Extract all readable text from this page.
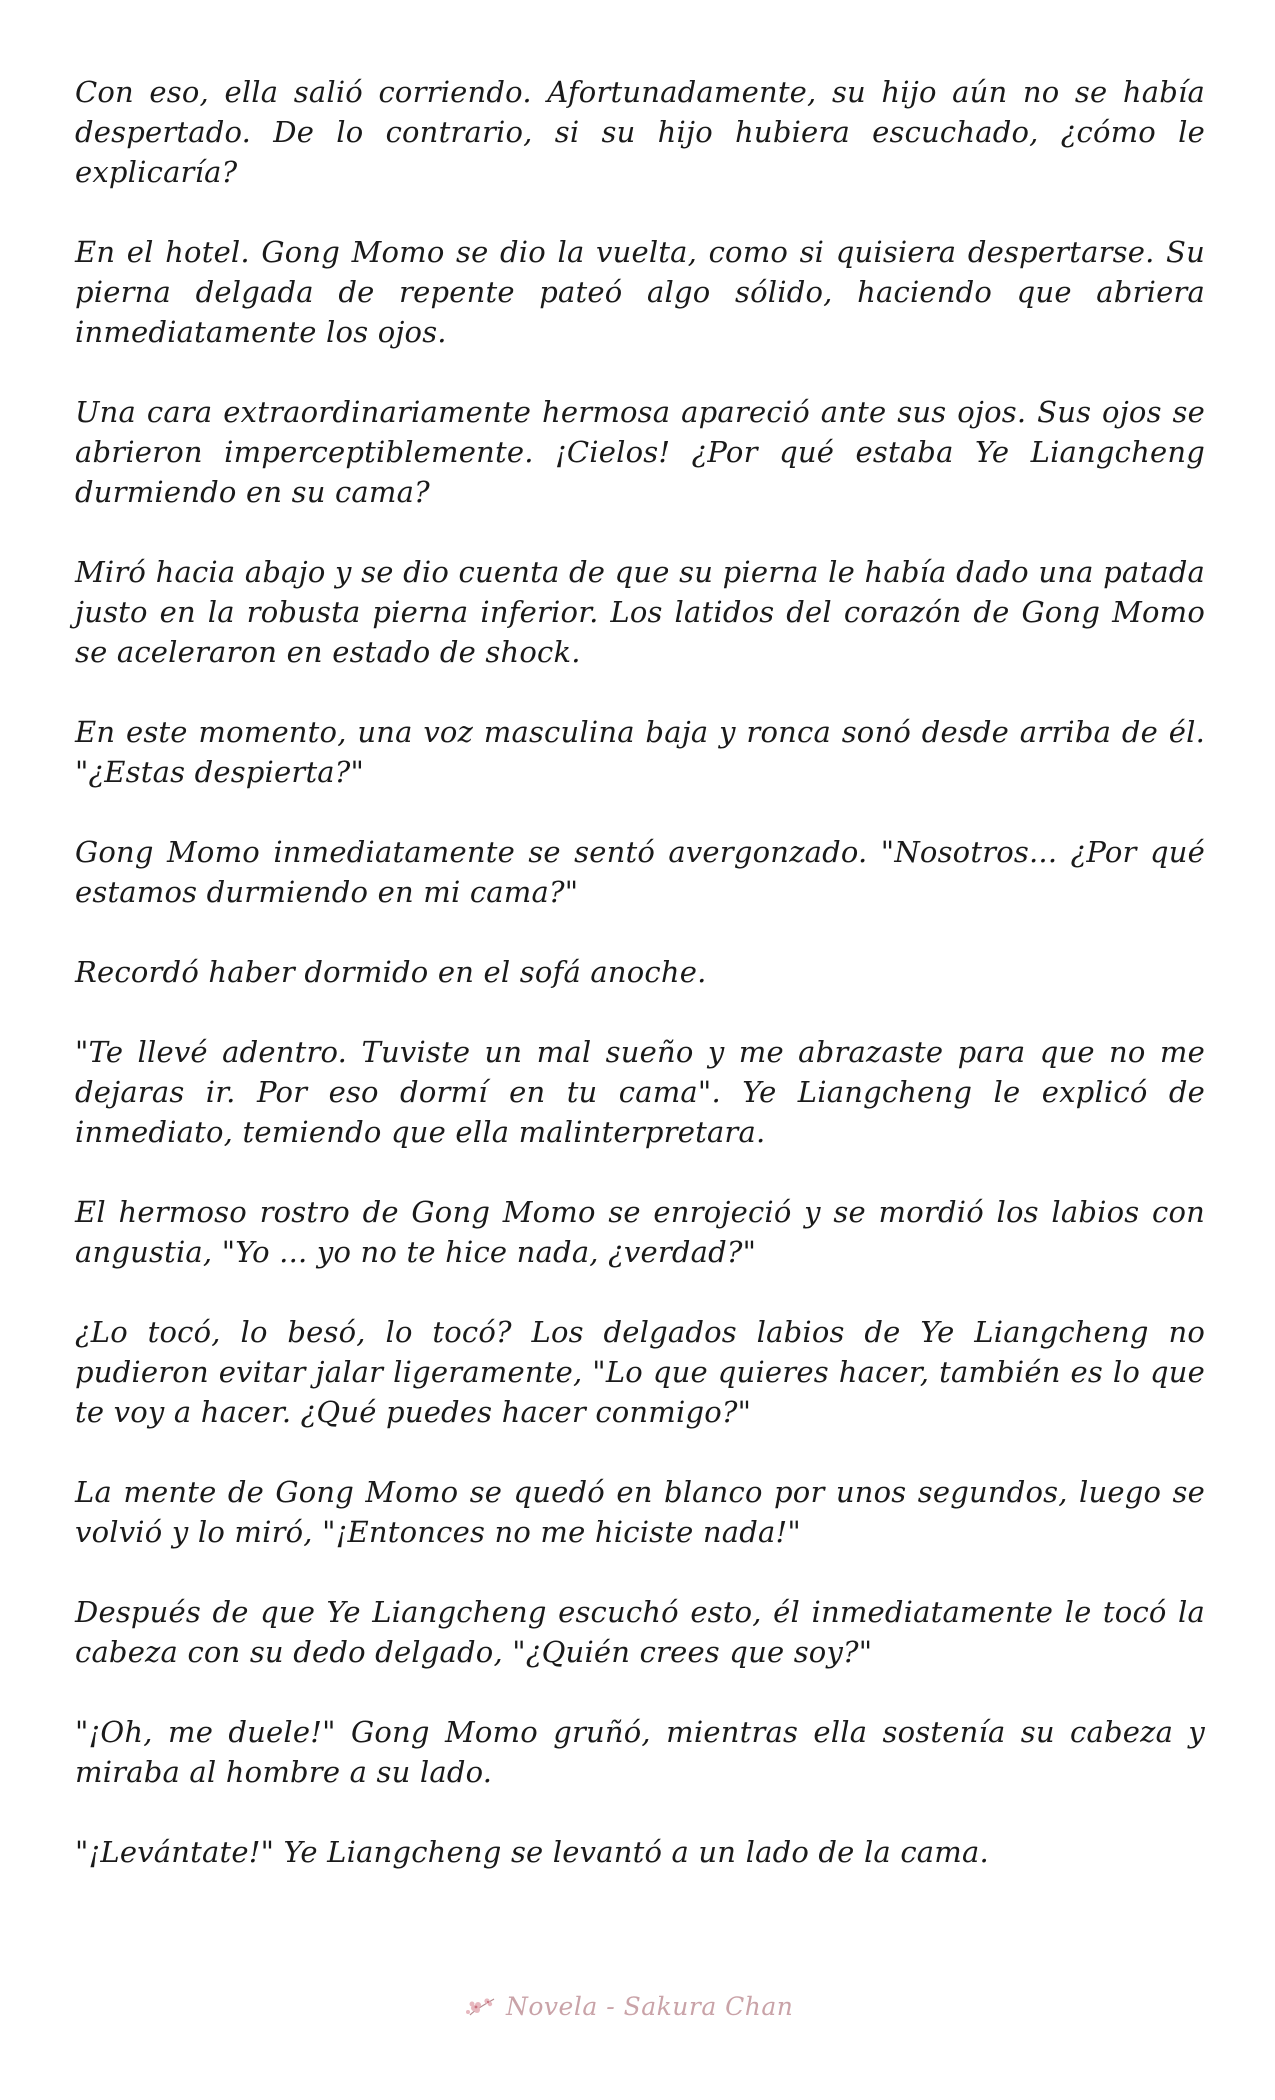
Con eso, ella salió corriendo. Afortunadamente, su hijo aún no se había despertado. De lo contrario, si su hijo hubiera escuchado, ¿cómo le explicaría?

En el hotel. Gong Momo se dio la vuelta, como si quisiera despertarse. Su pierna delgada de repente pateó algo sólido, haciendo que abriera inmediatamente los ojos.

Una cara extraordinariamente hermosa apareció ante sus ojos. Sus ojos se abrieron imperceptiblemente. ¡Cielos! ¿Por qué estaba Ye Liangcheng durmiendo en su cama?

Miró hacia abajo y se dio cuenta de que su pierna le había dado una patada justo en la robusta pierna inferior. Los latidos del corazón de Gong Momo se aceleraron en estado de shock.

En este momento, una voz masculina baja y ronca sonó desde arriba de él. "¿Estas despierta?"

Gong Momo inmediatamente se sentó avergonzado. "Nosotros... ¿Por qué estamos durmiendo en mi cama?"

Recordó haber dormido en el sofá anoche.

"Te llevé adentro. Tuviste un mal sueño y me abrazaste para que no me dejaras ir. Por eso dormí en tu cama". Ye Liangcheng le explicó de inmediato, temiendo que ella malinterpretara.

El hermoso rostro de Gong Momo se enrojeció y se mordió los labios con angustia, "Yo ... yo no te hice nada, ¿verdad?"

¿Lo tocó, lo besó, lo tocó? Los delgados labios de Ye Liangcheng no pudieron evitar jalar ligeramente, "Lo que quieres hacer, también es lo que te voy a hacer. ¿Qué puedes hacer conmigo?"

La mente de Gong Momo se quedó en blanco por unos segundos, luego se volvió y lo miró, "¡Entonces no me hiciste nada!"

Después de que Ye Liangcheng escuchó esto, él inmediatamente le tocó la cabeza con su dedo delgado, "¿Quién crees que soy?"

"¡Oh, me duele!" Gong Momo gruñó, mientras ella sostenía su cabeza y miraba al hombre a su lado.

"¡Levántate!" Ye Liangcheng se levantó a un lado de la cama.

Novela - Sakura Chan
